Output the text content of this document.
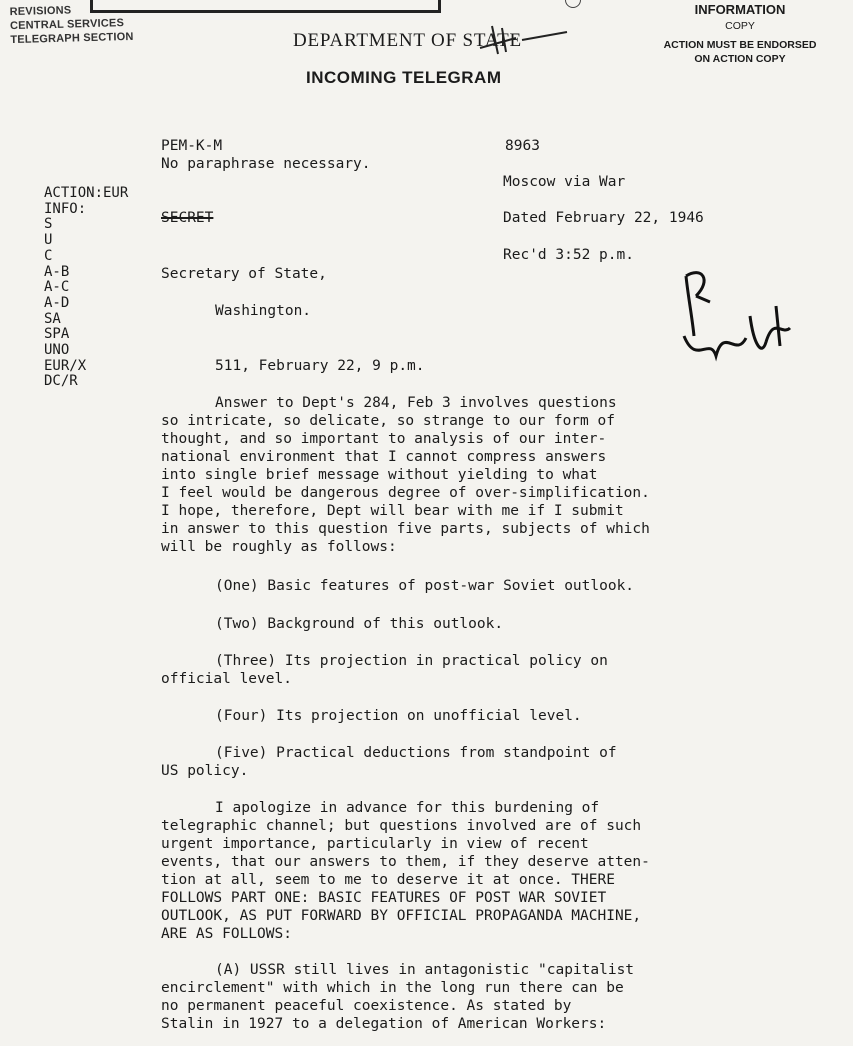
REVISIONS
CENTRAL SERVICES
TELEGRAPH SECTION	DEPARTMENT OF STATE
INCOMING TELEGRAM
INFORMATION
COPY
ACTION MUST BE ENDORSED
ON ACTION COPY
PEM-K-M
No paraphrase necessary.
8963
Moscow via War
Dated February 22, 1946
Rec'd 3:52 p.m.
SECRET
Secretary of State,
Washington.
511, February 22, 9 p.m.
ACTION:EUR
INFO:
S
U
C
A-B
A-C
A-D
SA
SPA
UNO
EUR/X
DC/R
Answer to Dept's 284, Feb 3 involves questions
so intricate, so delicate, so strange to our form of
thought, and so important to analysis of our inter-
national environment that I cannot compress answers
into single brief message without yielding to what
I feel would be dangerous degree of over-simplification.
I hope, therefore, Dept will bear with me if I submit
in answer to this question five parts, subjects of which
will be roughly as follows:
(One) Basic features of post-war Soviet outlook.
(Two) Background of this outlook.
(Three) Its projection in practical policy on
official level.
(Four) Its projection on unofficial level.
(Five) Practical deductions from standpoint of
US policy.
I apologize in advance for this burdening of
telegraphic channel; but questions involved are of such
urgent importance, particularly in view of recent
events, that our answers to them, if they deserve atten-
tion at all, seem to me to deserve it at once. THERE
FOLLOWS PART ONE: BASIC FEATURES OF POST WAR SOVIET
OUTLOOK, AS PUT FORWARD BY OFFICIAL PROPAGANDA MACHINE,
ARE AS FOLLOWS:
(A) USSR still lives in antagonistic "capitalist
encirclement" with which in the long run there can be
no permanent peaceful coexistence. As stated by
Stalin in 1927 to a delegation of American Workers:
